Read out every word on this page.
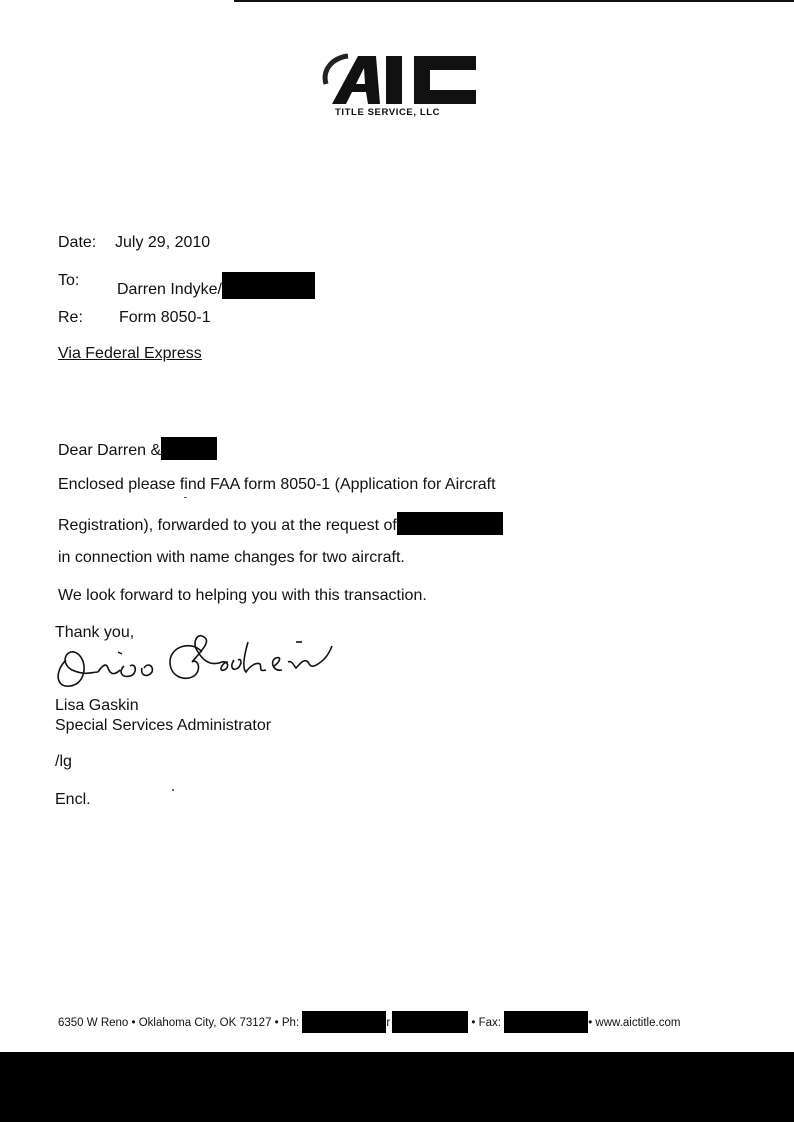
TITLE SERVICE, LLC
Date: July 29, 2010
To:
Darren Indyke/
Re: Form 8050-1
Via Federal Express
Dear Darren &
Enclosed please find FAA form 8050-1 (Application for Aircraft
Registration), forwarded to you at the request of
in connection with name changes for two aircraft.
We look forward to helping you with this transaction.
Thank you,
Lisa Gaskin
Special Services Administrator
/lg
Encl.
6350 W Reno • Oklahoma City, OK 73127 • Ph:	r	• Fax:	• www.aictitle.com
